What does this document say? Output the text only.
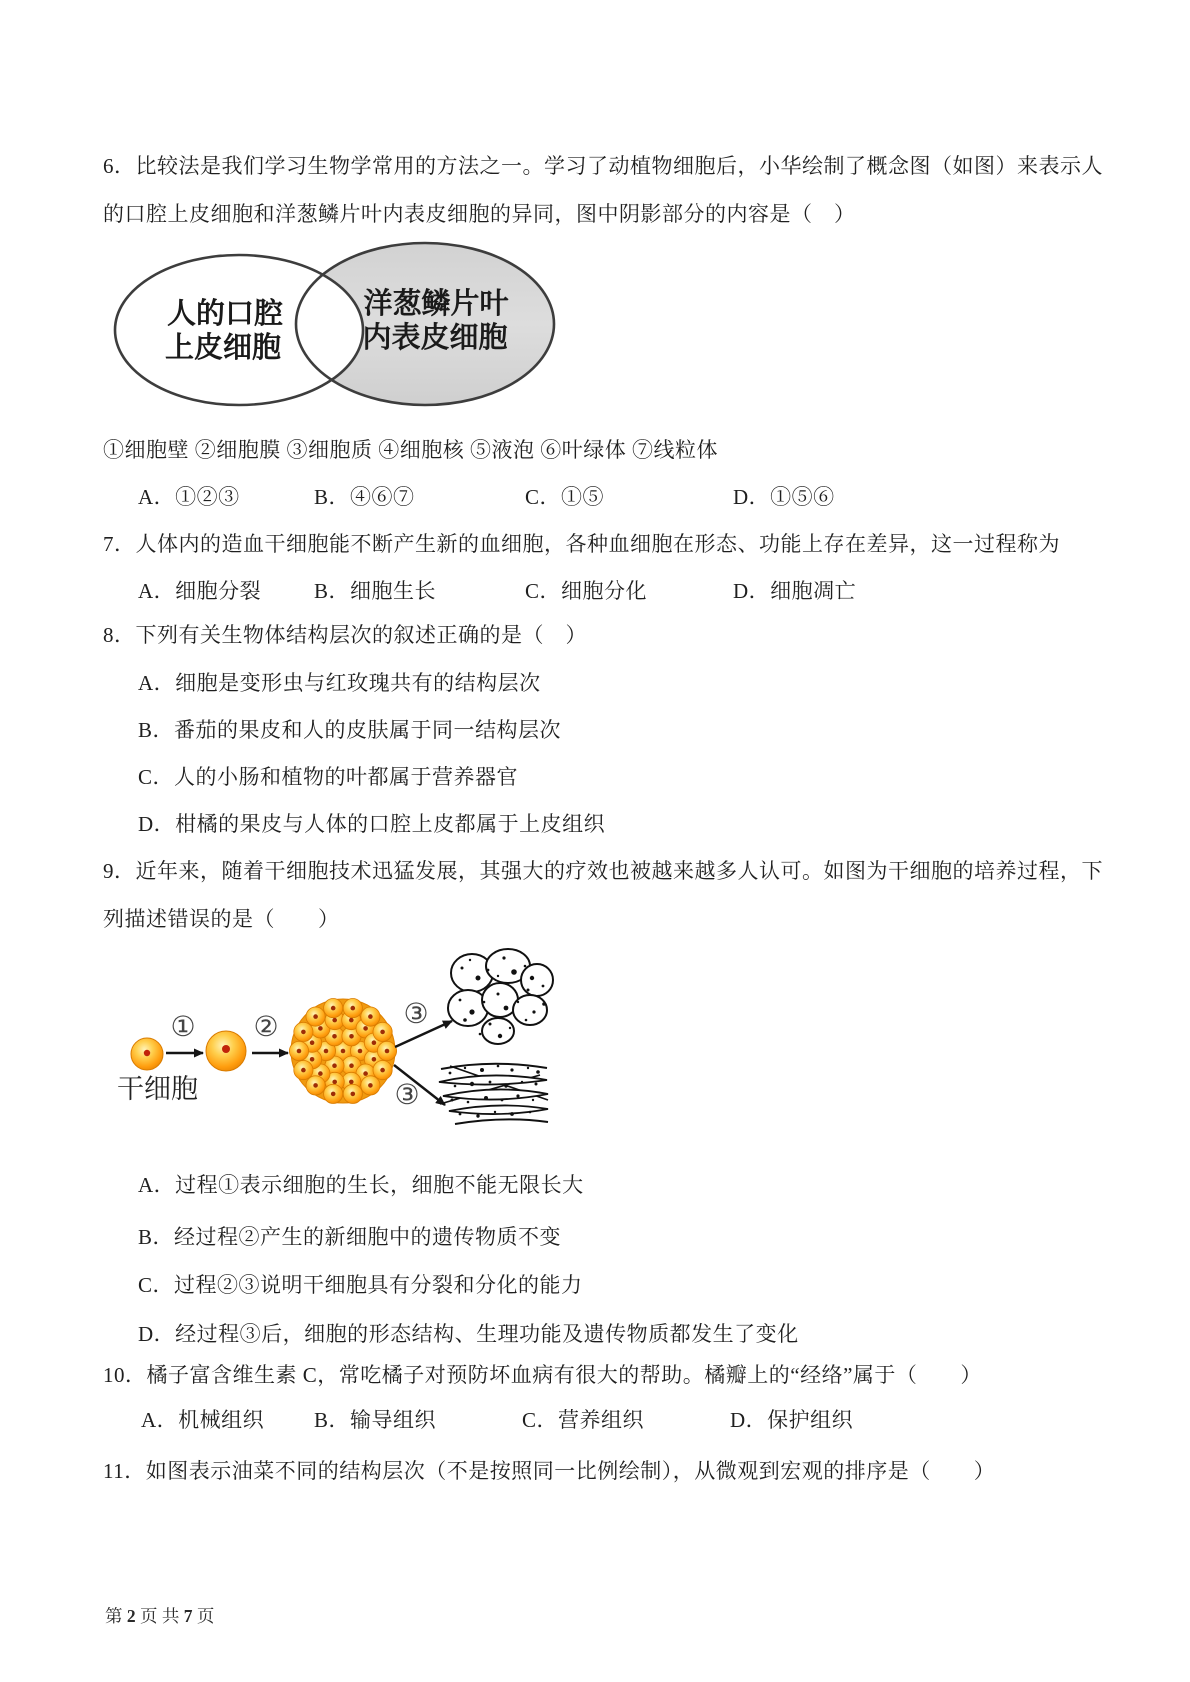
6．比较法是我们学习生物学常用的方法之一。学习了动植物细胞后，小华绘制了概念图（如图）来表示人
的口腔上皮细胞和洋葱鳞片叶内表皮细胞的异同，图中阴影部分的内容是（　）
人的口腔
上皮细胞
洋葱鳞片叶
内表皮细胞
①细胞壁 ②细胞膜 ③细胞质 ④细胞核 ⑤液泡 ⑥叶绿体 ⑦线粒体
A．①②③	B．④⑥⑦	C．①⑤	D．①⑤⑥
7．人体内的造血干细胞能不断产生新的血细胞，各种血细胞在形态、功能上存在差异，这一过程称为
A．细胞分裂	B．细胞生长	C．细胞分化	D．细胞凋亡
8．下列有关生物体结构层次的叙述正确的是（　）
A．细胞是变形虫与红玫瑰共有的结构层次
B．番茄的果皮和人的皮肤属于同一结构层次
C．人的小肠和植物的叶都属于营养器官
D．柑橘的果皮与人体的口腔上皮都属于上皮组织
9．近年来，随着干细胞技术迅猛发展，其强大的疗效也被越来越多人认可。如图为干细胞的培养过程，下
列描述错误的是（　　）
① ②	③
③
干细胞
A．过程①表示细胞的生长，细胞不能无限长大
B．经过程②产生的新细胞中的遗传物质不变
C．过程②③说明干细胞具有分裂和分化的能力
D．经过程③后，细胞的形态结构、生理功能及遗传物质都发生了变化
10．橘子富含维生素 C，常吃橘子对预防坏血病有很大的帮助。橘瓣上的“经络”属于（　　）
A．机械组织 B．输导组织	C．营养组织	D．保护组织
11．如图表示油菜不同的结构层次（不是按照同一比例绘制），从微观到宏观的排序是（　　）
第 2 页 共 7 页
